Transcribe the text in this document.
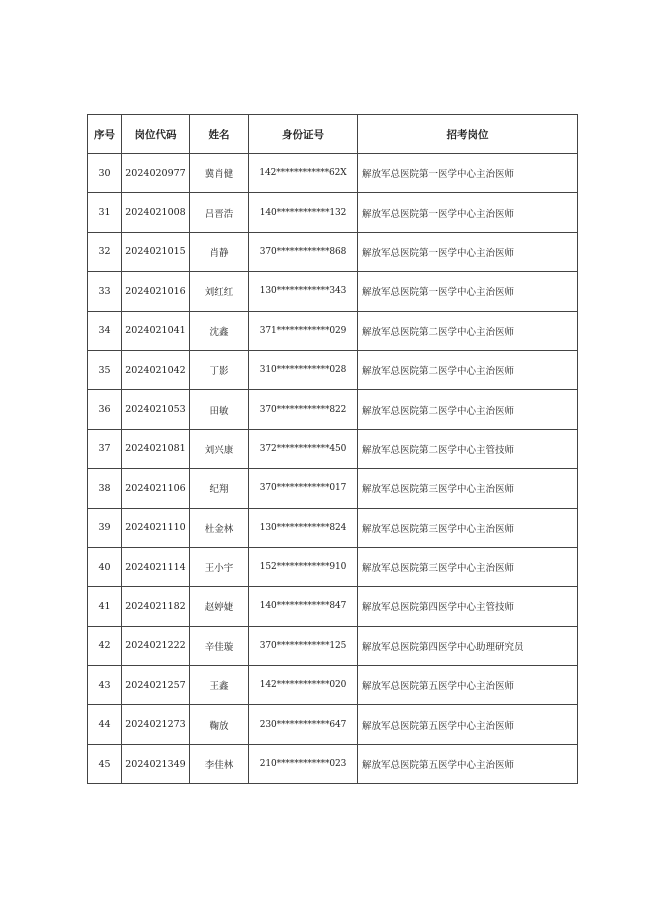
序号	岗位代码	姓名	身份证号	招考岗位
30	2024020977	冀肖健	142************62X	解放军总医院第一医学中心主治医师
31	2024021008	吕晋浩	140************132	解放军总医院第一医学中心主治医师
32	2024021015	肖静	370************868	解放军总医院第一医学中心主治医师
33	2024021016	刘红红	130************343	解放军总医院第一医学中心主治医师
34	2024021041	沈鑫	371************029	解放军总医院第二医学中心主治医师
35	2024021042	丁影	310************028	解放军总医院第二医学中心主治医师
36	2024021053	田敏	370************822	解放军总医院第二医学中心主治医师
37	2024021081	刘兴康	372************450	解放军总医院第二医学中心主管技师
38	2024021106	纪翔	370************017	解放军总医院第三医学中心主治医师
39	2024021110	杜金林	130************824	解放军总医院第三医学中心主治医师
40	2024021114	王小宇	152************910	解放军总医院第三医学中心主治医师
41	2024021182	赵婷婕	140************847	解放军总医院第四医学中心主管技师
42	2024021222	辛佳璇	370************125	解放军总医院第四医学中心助理研究员
43	2024021257	王鑫	142************020	解放军总医院第五医学中心主治医师
44	2024021273	鞠放	230************647	解放军总医院第五医学中心主治医师
45	2024021349	李佳林	210************023	解放军总医院第五医学中心主治医师
